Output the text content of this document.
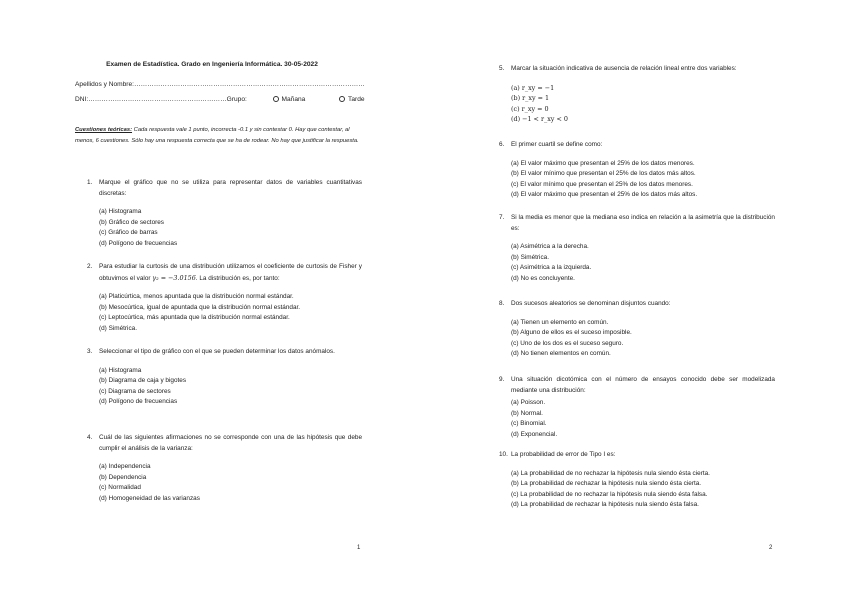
Examen de Estadística. Grado en Ingeniería Informática. 30-05-2022
Apellidos y Nombre:……………………………………………………………………………………………
DNI:………………………………………………………Grupo:	Mañana	Tarde
Cuestiones teóricas: Cada respuesta vale 1 punto, incorrecta -0.1 y sin contestar 0. Hay que contestar, al menos, 6 cuestiones. Sólo hay una respuesta correcta que se ha de rodear. No hay que justificar la respuesta.
1.	Marque el gráfico que no se utiliza para representar datos de variables cuantitativas discretas:
(a) Histograma
(b) Gráfico de sectores
(c) Gráfico de barras
(d) Polígono de frecuencias
2.	Para estudiar la curtosis de una distribución utilizamos el coeficiente de curtosis de Fisher y obtuvimos el valor γ₂ = −3.0156. La distribución es, por tanto:
(a) Platicúrtica, menos apuntada que la distribución normal estándar.
(b) Mesocúrtica, igual de apuntada que la distribución normal estándar.
(c) Leptocúrtica, más apuntada que la distribución normal estándar.
(d) Simétrica.
3.	Seleccionar el tipo de gráfico con el que se pueden determinar los datos anómalos.
(a) Histograma
(b) Diagrama de caja y bigotes
(c) Diagrama de sectores
(d) Polígono de frecuencias
4.	Cuál de las siguientes afirmaciones no se corresponde con una de las hipótesis que debe cumplir el análisis de la varianza:
(a) Independencia
(b) Dependencia
(c) Normalidad
(d) Homogeneidad de las varianzas
1
5.	Marcar la situación indicativa de ausencia de relación lineal entre dos variables:
(a) r_xy = −1
(b) r_xy = 1
(c) r_xy = 0
(d) −1 < r_xy < 0
6.	El primer cuartil se define como:
(a) El valor máximo que presentan el 25% de los datos menores.
(b) El valor mínimo que presentan el 25% de los datos más altos.
(c) El valor mínimo que presentan el 25% de los datos menores.
(d) El valor máximo que presentan el 25% de los datos más altos.
7.	Si la media es menor que la mediana eso indica en relación a la asimetría que la distribución es:
(a) Asimétrica a la derecha.
(b) Simétrica.
(c) Asimétrica a la izquierda.
(d) No es concluyente.
8.	Dos sucesos aleatorios se denominan disjuntos cuando:
(a) Tienen un elemento en común.
(b) Alguno de ellos es el suceso imposible.
(c) Uno de los dos es el suceso seguro.
(d) No tienen elementos en común.
9.	Una situación dicotómica con el número de ensayos conocido debe ser modelizada mediante una distribución:
(a) Poisson.
(b) Normal.
(c) Binomial.
(d) Exponencial.
10. La probabilidad de error de Tipo I es:
(a) La probabilidad de no rechazar la hipótesis nula siendo ésta cierta.
(b) La probabilidad de rechazar la hipótesis nula siendo ésta cierta.
(c) La probabilidad de no rechazar la hipótesis nula siendo ésta falsa.
(d) La probabilidad de rechazar la hipótesis nula siendo ésta falsa.
2
